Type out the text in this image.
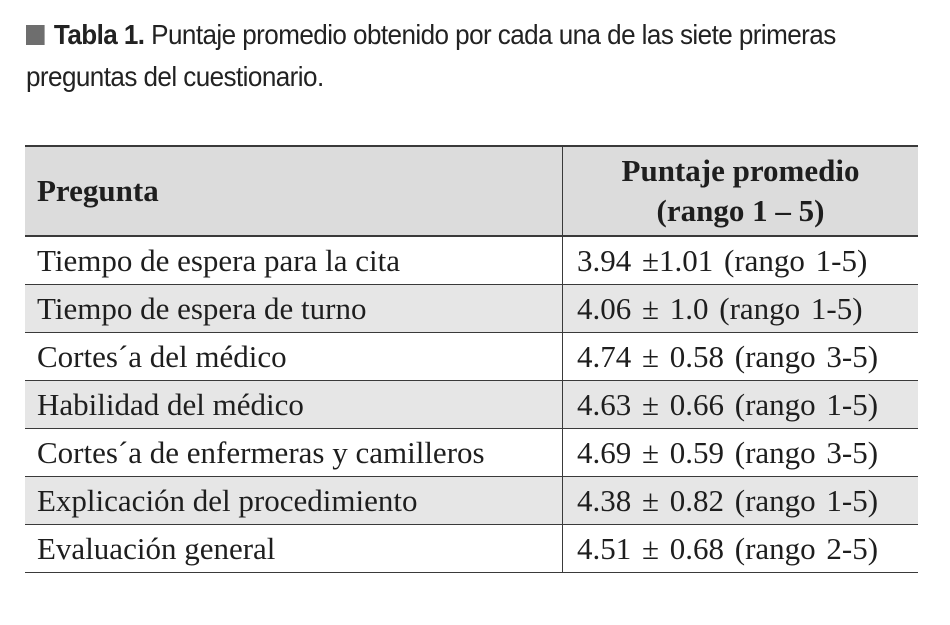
Tabla 1. Puntaje promedio obtenido por cada una de las siete primeras preguntas del cuestionario.
Pregunta	Puntaje promedio
(rango 1 – 5)
Tiempo de espera para la cita	3.94 ±1.01 (rango 1-5)
Tiempo de espera de turno	4.06 ± 1.0 (rango 1-5)
Cortes´a del médico	4.74 ± 0.58 (rango 3-5)
Habilidad del médico	4.63 ± 0.66 (rango 1-5)
Cortes´a de enfermeras y camilleros	4.69 ± 0.59 (rango 3-5)
Explicación del procedimiento	4.38 ± 0.82 (rango 1-5)
Evaluación general	4.51 ± 0.68 (rango 2-5)
